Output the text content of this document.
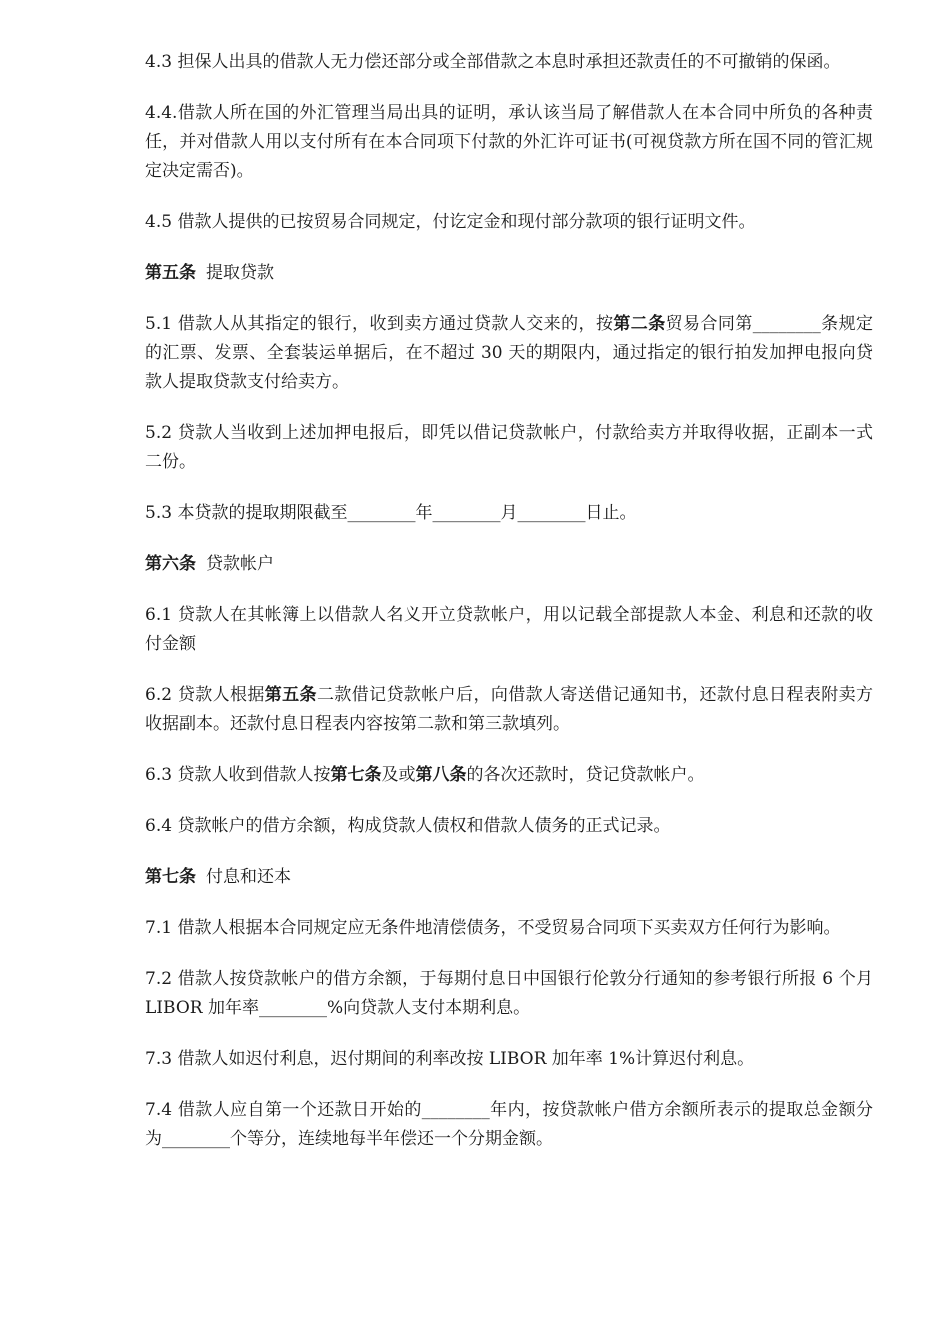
4.3 担保人出具的借款人无力偿还部分或全部借款之本息时承担还款责任的不可撤销的保函。

4.4.借款人所在国的外汇管理当局出具的证明，承认该当局了解借款人在本合同中所负的各种责任，并对借款人用以支付所有在本合同项下付款的外汇许可证书(可视贷款方所在国不同的管汇规定决定需否)。

4.5 借款人提供的已按贸易合同规定，付讫定金和现付部分款项的银行证明文件。

第五条 提取贷款

5.1 借款人从其指定的银行，收到卖方通过贷款人交来的，按第二条贸易合同第________条规定的汇票、发票、全套装运单据后，在不超过 30 天的期限内，通过指定的银行拍发加押电报向贷款人提取贷款支付给卖方。

5.2 贷款人当收到上述加押电报后，即凭以借记贷款帐户，付款给卖方并取得收据，正副本一式二份。

5.3 本贷款的提取期限截至________年________月________日止。

第六条 贷款帐户

6.1 贷款人在其帐簿上以借款人名义开立贷款帐户，用以记载全部提款人本金、利息和还款的收付金额

6.2 贷款人根据第五条二款借记贷款帐户后，向借款人寄送借记通知书，还款付息日程表附卖方收据副本。还款付息日程表内容按第二款和第三款填列。

6.3 贷款人收到借款人按第七条及或第八条的各次还款时，贷记贷款帐户。

6.4 贷款帐户的借方余额，构成贷款人债权和借款人债务的正式记录。

第七条 付息和还本

7.1 借款人根据本合同规定应无条件地清偿债务，不受贸易合同项下买卖双方任何行为影响。

7.2 借款人按贷款帐户的借方余额，于每期付息日中国银行伦敦分行通知的参考银行所报 6 个月 LIBOR 加年率________%向贷款人支付本期利息。

7.3 借款人如迟付利息，迟付期间的利率改按 LIBOR 加年率 1%计算迟付利息。

7.4 借款人应自第一个还款日开始的________年内，按贷款帐户借方余额所表示的提取总金额分为________个等分，连续地每半年偿还一个分期金额。
